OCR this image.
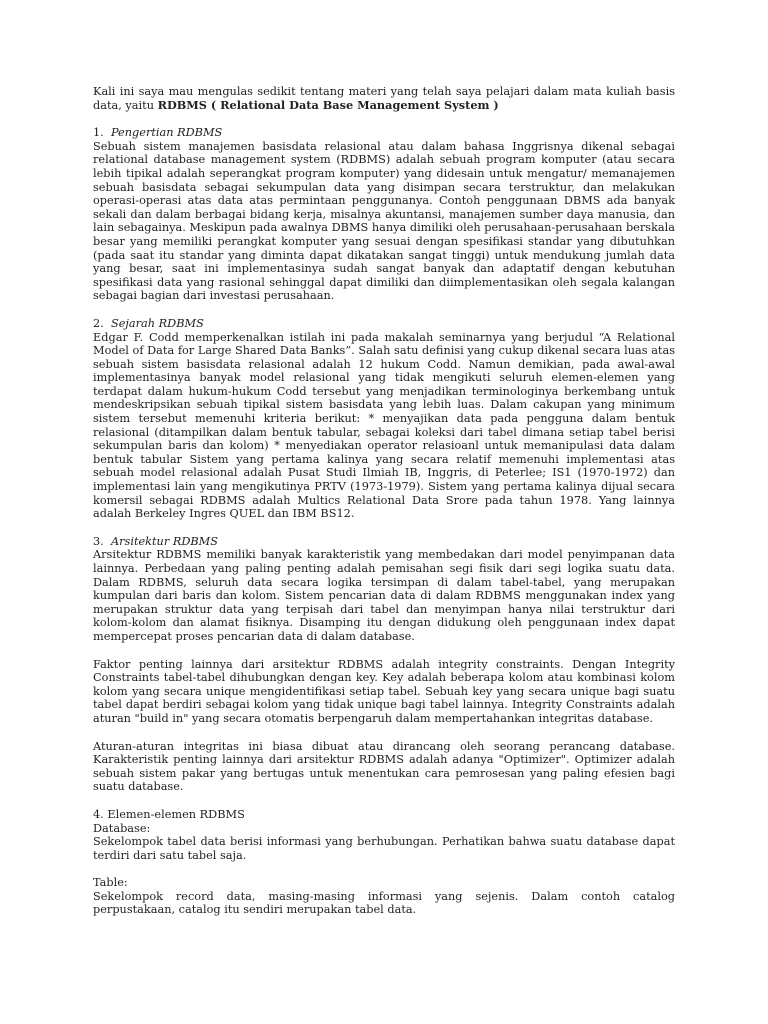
Kali ini saya mau mengulas sedikit tentang materi yang telah saya pelajari dalam mata kuliah basis data, yaitu RDBMS ( Relational Data Base Management System )

1. Pengertian RDBMS

Sebuah sistem manajemen basisdata relasional atau dalam bahasa Inggrisnya dikenal sebagai relational database management system (RDBMS) adalah sebuah program komputer (atau secara lebih tipikal adalah seperangkat program komputer) yang didesain untuk mengatur/ memanajemen sebuah basisdata sebagai sekumpulan data yang disimpan secara terstruktur, dan melakukan operasi-operasi atas data atas permintaan penggunanya. Contoh penggunaan DBMS ada banyak sekali dan dalam berbagai bidang kerja, misalnya akuntansi, manajemen sumber daya manusia, dan lain sebagainya. Meskipun pada awalnya DBMS hanya dimiliki oleh perusahaan-perusahaan berskala besar yang memiliki perangkat komputer yang sesuai dengan spesifikasi standar yang dibutuhkan (pada saat itu standar yang diminta dapat dikatakan sangat tinggi) untuk mendukung jumlah data yang besar, saat ini implementasinya sudah sangat banyak dan adaptatif dengan kebutuhan spesifikasi data yang rasional sehinggal dapat dimiliki dan diimplementasikan oleh segala kalangan sebagai bagian dari investasi perusahaan.

2. Sejarah RDBMS

Edgar F. Codd memperkenalkan istilah ini pada makalah seminarnya yang berjudul “A Relational Model of Data for Large Shared Data Banks”. Salah satu definisi yang cukup dikenal secara luas atas sebuah sistem basisdata relasional adalah 12 hukum Codd. Namun demikian, pada awal-awal implementasinya banyak model relasional yang tidak mengikuti seluruh elemen-elemen yang terdapat dalam hukum-hukum Codd tersebut yang menjadikan terminologinya berkembang untuk mendeskripsikan sebuah tipikal sistem basisdata yang lebih luas. Dalam cakupan yang minimum sistem tersebut memenuhi kriteria berikut: * menyajikan data pada pengguna dalam bentuk relasional (ditampilkan dalam bentuk tabular, sebagai koleksi dari tabel dimana setiap tabel berisi sekumpulan baris dan kolom) * menyediakan operator relasioanl untuk memanipulasi data dalam bentuk tabular Sistem yang pertama kalinya yang secara relatif memenuhi implementasi atas sebuah model relasional adalah Pusat Studi Ilmiah IB, Inggris, di Peterlee; IS1 (1970-1972) dan implementasi lain yang mengikutinya PRTV (1973-1979). Sistem yang pertama kalinya dijual secara komersil sebagai RDBMS adalah Multics Relational Data Srore pada tahun 1978. Yang lainnya adalah Berkeley Ingres QUEL dan IBM BS12.

3. Arsitektur RDBMS

Arsitektur RDBMS memiliki banyak karakteristik yang membedakan dari model penyimpanan data lainnya. Perbedaan yang paling penting adalah pemisahan segi fisik dari segi logika suatu data. Dalam RDBMS, seluruh data secara logika tersimpan di dalam tabel-tabel, yang merupakan kumpulan dari baris dan kolom. Sistem pencarian data di dalam RDBMS menggunakan index yang merupakan struktur data yang terpisah dari tabel dan menyimpan hanya nilai terstruktur dari kolom-kolom dan alamat fisiknya. Disamping itu dengan didukung oleh penggunaan index dapat mempercepat proses pencarian data di dalam database.

Faktor penting lainnya dari arsitektur RDBMS adalah integrity constraints. Dengan Integrity Constraints tabel-tabel dihubungkan dengan key. Key adalah beberapa kolom atau kombinasi kolom kolom yang secara unique mengidentifikasi setiap tabel. Sebuah key yang secara unique bagi suatu tabel dapat berdiri sebagai kolom yang tidak unique bagi tabel lainnya. Integrity Constraints adalah aturan "build in" yang secara otomatis berpengaruh dalam mempertahankan integritas database.

Aturan-aturan integritas ini biasa dibuat atau dirancang oleh seorang perancang database. Karakteristik penting lainnya dari arsitektur RDBMS adalah adanya "Optimizer". Optimizer adalah sebuah sistem pakar yang bertugas untuk menentukan cara pemrosesan yang paling efesien bagi suatu database.

4. Elemen-elemen RDBMS

Database:

Sekelompok tabel data berisi informasi yang berhubungan. Perhatikan bahwa suatu database dapat terdiri dari satu tabel saja.

Table:

Sekelompok record data, masing-masing informasi yang sejenis. Dalam contoh catalog perpustakaan, catalog itu sendiri merupakan tabel data.
